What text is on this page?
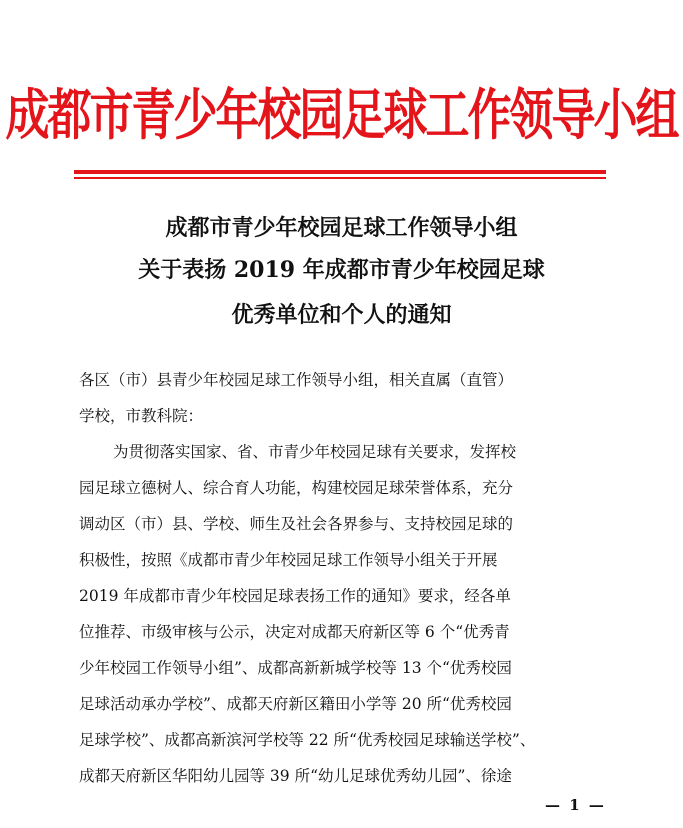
成都市青少年校园足球工作领导小组
成都市青少年校园足球工作领导小组
关于表扬 2019 年成都市青少年校园足球
优秀单位和个人的通知
各区（市）县青少年校园足球工作领导小组，相关直属（直管）
学校，市教科院：
为贯彻落实国家、省、市青少年校园足球有关要求，发挥校
园足球立德树人、综合育人功能，构建校园足球荣誉体系，充分
调动区（市）县、学校、师生及社会各界参与、支持校园足球的
积极性，按照《成都市青少年校园足球工作领导小组关于开展
2019 年成都市青少年校园足球表扬工作的通知》要求，经各单
位推荐、市级审核与公示，决定对成都天府新区等 6 个“优秀青
少年校园工作领导小组”、成都高新新城学校等 13 个“优秀校园
足球活动承办学校”、成都天府新区籍田小学等 20 所“优秀校园
足球学校”、成都高新滨河学校等 22 所“优秀校园足球输送学校”、
成都天府新区华阳幼儿园等 39 所“幼儿足球优秀幼儿园”、徐途
— 1 —
